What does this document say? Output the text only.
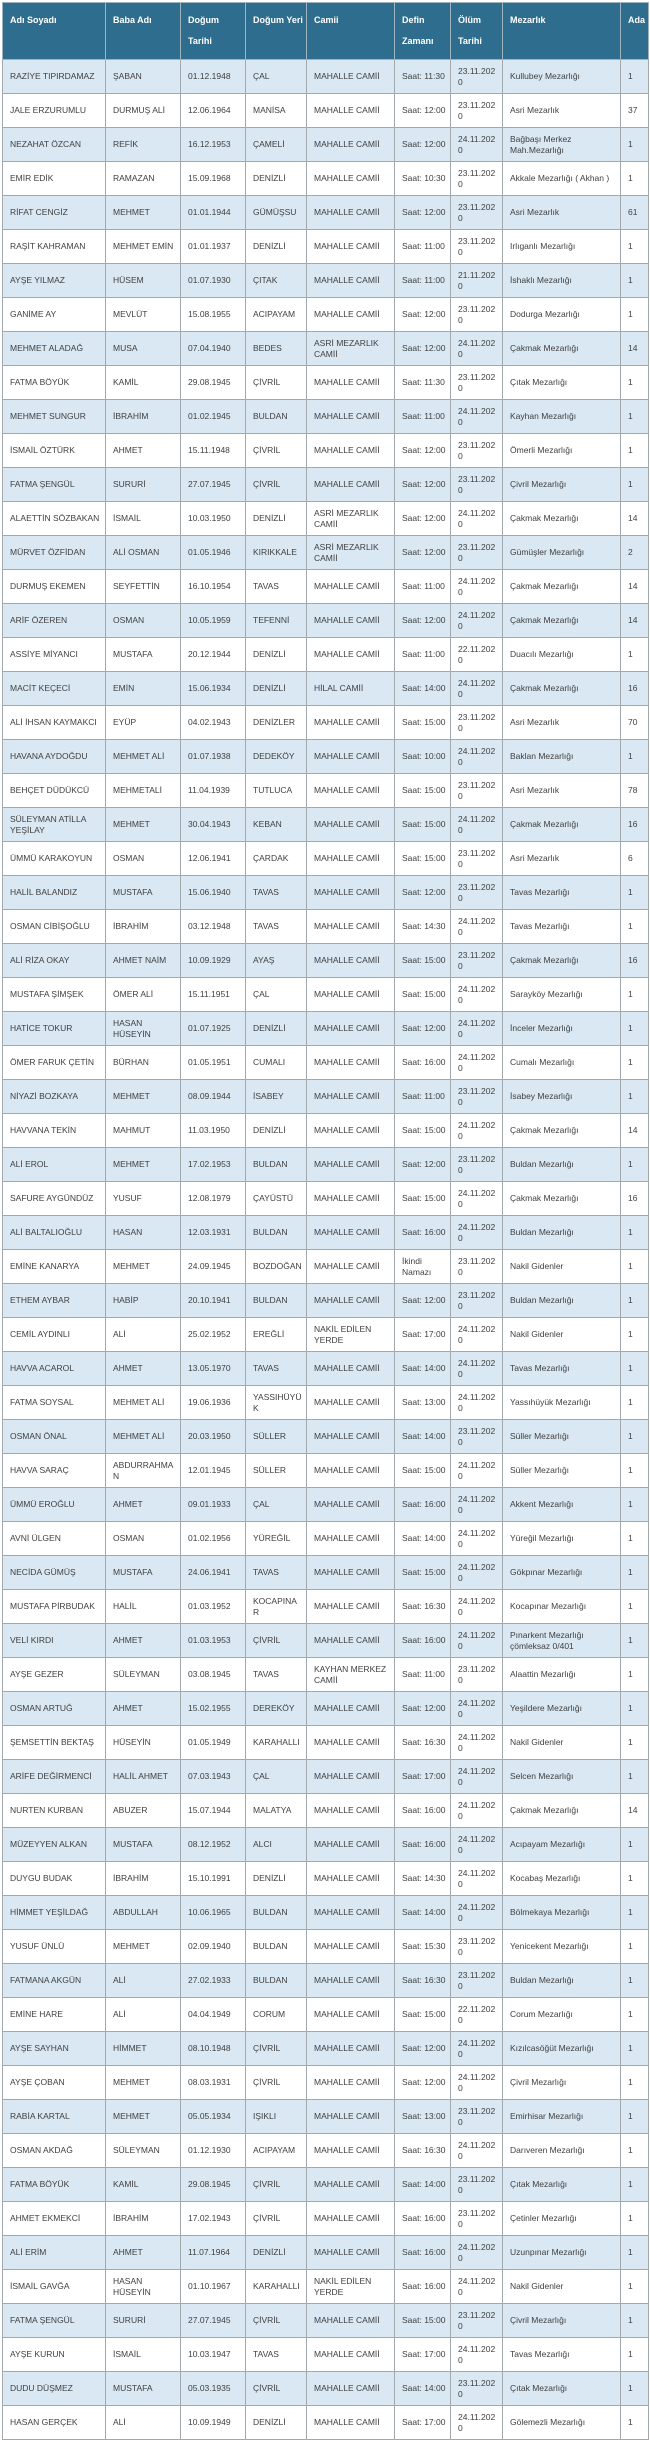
Adı Soyadı	Baba Adı	Doğum Tarihi	Doğum Yeri	Camii	Defin Zamanı	Ölüm Tarihi	Mezarlık	Ada
RAZİYE TIPIRDAMAZ	ŞABAN	01.12.1948	ÇAL	MAHALLE CAMİİ	Saat: 11:30	23.11.2020	Kullubey Mezarlığı	1
JALE ERZURUMLU	DURMUŞ ALİ	12.06.1964	MANİSA	MAHALLE CAMİİ	Saat: 12:00	23.11.2020	Asri Mezarlık	37
NEZAHAT ÖZCAN	REFİK	16.12.1953	ÇAMELİ	MAHALLE CAMİİ	Saat: 12:00	24.11.2020	Bağbaşı Merkez Mah.Mezarlığı	1
EMİR EDİK	RAMAZAN	15.09.1968	DENİZLİ	MAHALLE CAMİİ	Saat: 10:30	23.11.2020	Akkale Mezarlığı ( Akhan )	1
RİFAT CENGİZ	MEHMET	01.01.1944	GÜMÜŞSU	MAHALLE CAMİİ	Saat: 12:00	23.11.2020	Asri Mezarlık	61
RAŞİT KAHRAMAN	MEHMET EMİN	01.01.1937	DENİZLİ	MAHALLE CAMİİ	Saat: 11:00	23.11.2020	Irlıganlı Mezarlığı	1
AYŞE YILMAZ	HÜSEM	01.07.1930	ÇITAK	MAHALLE CAMİİ	Saat: 11:00	21.11.2020	İshaklı Mezarlığı	1
GANİME AY	MEVLÜT	15.08.1955	ACIPAYAM	MAHALLE CAMİİ	Saat: 12:00	23.11.2020	Dodurga Mezarlığı	1
MEHMET ALADAĞ	MUSA	07.04.1940	BEDES	ASRİ MEZARLIK CAMİİ	Saat: 12:00	24.11.2020	Çakmak Mezarlığı	14
FATMA BÖYÜK	KAMİL	29.08.1945	ÇİVRİL	MAHALLE CAMİİ	Saat: 11:30	23.11.2020	Çıtak Mezarlığı	1
MEHMET SUNGUR	İBRAHİM	01.02.1945	BULDAN	MAHALLE CAMİİ	Saat: 11:00	24.11.2020	Kayhan Mezarlığı	1
İSMAİL ÖZTÜRK	AHMET	15.11.1948	ÇİVRİL	MAHALLE CAMİİ	Saat: 12:00	23.11.2020	Ömerli Mezarlığı	1
FATMA ŞENGÜL	SURURİ	27.07.1945	ÇİVRİL	MAHALLE CAMİİ	Saat: 12:00	23.11.2020	Çivril Mezarlığı	1
ALAETTİN SÖZBAKAN	İSMAİL	10.03.1950	DENİZLİ	ASRİ MEZARLIK CAMİİ	Saat: 12:00	24.11.2020	Çakmak Mezarlığı	14
MÜRVET ÖZFİDAN	ALİ OSMAN	01.05.1946	KIRIKKALE	ASRİ MEZARLIK CAMİİ	Saat: 12:00	23.11.2020	Gümüşler Mezarlığı	2
DURMUŞ EKEMEN	SEYFETTİN	16.10.1954	TAVAS	MAHALLE CAMİİ	Saat: 11:00	24.11.2020	Çakmak Mezarlığı	14
ARİF ÖZEREN	OSMAN	10.05.1959	TEFENNİ	MAHALLE CAMİİ	Saat: 12:00	24.11.2020	Çakmak Mezarlığı	14
ASSİYE MİYANCI	MUSTAFA	20.12.1944	DENİZLİ	MAHALLE CAMİİ	Saat: 11:00	22.11.2020	Duacılı Mezarlığı	1
MACİT KEÇECİ	EMİN	15.06.1934	DENİZLİ	HİLAL CAMİİ	Saat: 14:00	24.11.2020	Çakmak Mezarlığı	16
ALİ İHSAN KAYMAKCI	EYÜP	04.02.1943	DENİZLER	MAHALLE CAMİİ	Saat: 15:00	23.11.2020	Asri Mezarlık	70
HAVANA AYDOĞDU	MEHMET ALİ	01.07.1938	DEDEKÖY	MAHALLE CAMİİ	Saat: 10:00	24.11.2020	Baklan Mezarlığı	1
BEHÇET DÜDÜKCÜ	MEHMETALİ	11.04.1939	TUTLUCA	MAHALLE CAMİİ	Saat: 15:00	23.11.2020	Asri Mezarlık	78
SÜLEYMAN ATİLLA YEŞİLAY	MEHMET	30.04.1943	KEBAN	MAHALLE CAMİİ	Saat: 15:00	24.11.2020	Çakmak Mezarlığı	16
ÜMMÜ KARAKOYUN	OSMAN	12.06.1941	ÇARDAK	MAHALLE CAMİİ	Saat: 15:00	23.11.2020	Asri Mezarlık	6
HALİL BALANDIZ	MUSTAFA	15.06.1940	TAVAS	MAHALLE CAMİİ	Saat: 12:00	23.11.2020	Tavas Mezarlığı	1
OSMAN CİBİŞOĞLU	İBRAHİM	03.12.1948	TAVAS	MAHALLE CAMİİ	Saat: 14:30	24.11.2020	Tavas Mezarlığı	1
ALİ RİZA OKAY	AHMET NAİM	10.09.1929	AYAŞ	MAHALLE CAMİİ	Saat: 15:00	23.11.2020	Çakmak Mezarlığı	16
MUSTAFA ŞİMŞEK	ÖMER ALİ	15.11.1951	ÇAL	MAHALLE CAMİİ	Saat: 15:00	24.11.2020	Sarayköy Mezarlığı	1
HATİCE TOKUR	HASAN HÜSEYİN	01.07.1925	DENİZLİ	MAHALLE CAMİİ	Saat: 12:00	24.11.2020	İnceler Mezarlığı	1
ÖMER FARUK ÇETİN	BÜRHAN	01.05.1951	CUMALI	MAHALLE CAMİİ	Saat: 16:00	24.11.2020	Cumalı Mezarlığı	1
NİYAZİ BOZKAYA	MEHMET	08.09.1944	İSABEY	MAHALLE CAMİİ	Saat: 11:00	23.11.2020	İsabey Mezarlığı	1
HAVVANA TEKİN	MAHMUT	11.03.1950	DENİZLİ	MAHALLE CAMİİ	Saat: 15:00	24.11.2020	Çakmak Mezarlığı	14
ALİ EROL	MEHMET	17.02.1953	BULDAN	MAHALLE CAMİİ	Saat: 12:00	23.11.2020	Buldan Mezarlığı	1
SAFURE AYGÜNDÜZ	YUSUF	12.08.1979	ÇAYÜSTÜ	MAHALLE CAMİİ	Saat: 15:00	24.11.2020	Çakmak Mezarlığı	16
ALİ BALTALIOĞLU	HASAN	12.03.1931	BULDAN	MAHALLE CAMİİ	Saat: 16:00	24.11.2020	Buldan Mezarlığı	1
EMİNE KANARYA	MEHMET	24.09.1945	BOZDOĞAN	MAHALLE CAMİİ	İkindi Namazı	23.11.2020	Nakil Gidenler	1
ETHEM AYBAR	HABİP	20.10.1941	BULDAN	MAHALLE CAMİİ	Saat: 12:00	23.11.2020	Buldan Mezarlığı	1
CEMİL AYDINLI	ALİ	25.02.1952	EREĞLİ	NAKİL EDİLEN YERDE	Saat: 17:00	24.11.2020	Nakil Gidenler	1
HAVVA ACAROL	AHMET	13.05.1970	TAVAS	MAHALLE CAMİİ	Saat: 14:00	24.11.2020	Tavas Mezarlığı	1
FATMA SOYSAL	MEHMET ALİ	19.06.1936	YASSIHÜYÜK	MAHALLE CAMİİ	Saat: 13:00	24.11.2020	Yassıhüyük Mezarlığı	1
OSMAN ÖNAL	MEHMET ALİ	20.03.1950	SÜLLER	MAHALLE CAMİİ	Saat: 14:00	23.11.2020	Süller Mezarlığı	1
HAVVA SARAÇ	ABDURRAHMAN	12.01.1945	SÜLLER	MAHALLE CAMİİ	Saat: 15:00	24.11.2020	Süller Mezarlığı	1
ÜMMÜ EROĞLU	AHMET	09.01.1933	ÇAL	MAHALLE CAMİİ	Saat: 16:00	24.11.2020	Akkent Mezarlığı	1
AVNİ ÜLGEN	OSMAN	01.02.1956	YÜREĞİL	MAHALLE CAMİİ	Saat: 14:00	24.11.2020	Yüreğil Mezarlığı	1
NECİDA GÜMÜŞ	MUSTAFA	24.06.1941	TAVAS	MAHALLE CAMİİ	Saat: 15:00	24.11.2020	Gökpınar Mezarlığı	1
MUSTAFA PİRBUDAK	HALİL	01.03.1952	KOCAPINAR	MAHALLE CAMİİ	Saat: 16:30	24.11.2020	Kocapınar Mezarlığı	1
VELİ KIRDI	AHMET	01.03.1953	ÇİVRİL	MAHALLE CAMİİ	Saat: 16:00	24.11.2020	Pınarkent Mezarlığı çömleksaz 0/401	1
AYŞE GEZER	SÜLEYMAN	03.08.1945	TAVAS	KAYHAN MERKEZ CAMİİ	Saat: 11:00	23.11.2020	Alaattin Mezarlığı	1
OSMAN ARTUĞ	AHMET	15.02.1955	DEREKÖY	MAHALLE CAMİİ	Saat: 12:00	24.11.2020	Yeşildere Mezarlığı	1
ŞEMSETTİN BEKTAŞ	HÜSEYİN	01.05.1949	KARAHALLI	MAHALLE CAMİİ	Saat: 16:30	24.11.2020	Nakil Gidenler	1
ARİFE DEĞİRMENCİ	HALİL AHMET	07.03.1943	ÇAL	MAHALLE CAMİİ	Saat: 17:00	24.11.2020	Selcen Mezarlığı	1
NURTEN KURBAN	ABUZER	15.07.1944	MALATYA	MAHALLE CAMİİ	Saat: 16:00	24.11.2020	Çakmak Mezarlığı	14
MÜZEYYEN ALKAN	MUSTAFA	08.12.1952	ALCI	MAHALLE CAMİİ	Saat: 16:00	24.11.2020	Acıpayam Mezarlığı	1
DUYGU BUDAK	İBRAHİM	15.10.1991	DENİZLİ	MAHALLE CAMİİ	Saat: 14:30	24.11.2020	Kocabaş Mezarlığı	1
HİMMET YEŞİLDAĞ	ABDULLAH	10.06.1965	BULDAN	MAHALLE CAMİİ	Saat: 14:00	24.11.2020	Bölmekaya Mezarlığı	1
YUSUF ÜNLÜ	MEHMET	02.09.1940	BULDAN	MAHALLE CAMİİ	Saat: 15:30	23.11.2020	Yenicekent Mezarlığı	1
FATMANA AKGÜN	ALİ	27.02.1933	BULDAN	MAHALLE CAMİİ	Saat: 16:30	23.11.2020	Buldan Mezarlığı	1
EMİNE HARE	ALİ	04.04.1949	CORUM	MAHALLE CAMİİ	Saat: 15:00	22.11.2020	Corum Mezarlığı	1
AYŞE SAYHAN	HİMMET	08.10.1948	ÇİVRİL	MAHALLE CAMİİ	Saat: 12:00	24.11.2020	Kızılcasöğüt Mezarlığı	1
AYŞE ÇOBAN	MEHMET	08.03.1931	ÇİVRİL	MAHALLE CAMİİ	Saat: 12:00	24.11.2020	Çivril Mezarlığı	1
RABİA KARTAL	MEHMET	05.05.1934	IŞIKLI	MAHALLE CAMİİ	Saat: 13:00	23.11.2020	Emirhisar Mezarlığı	1
OSMAN AKDAĞ	SÜLEYMAN	01.12.1930	ACIPAYAM	MAHALLE CAMİİ	Saat: 16:30	24.11.2020	Darıveren Mezarlığı	1
FATMA BÖYÜK	KAMİL	29.08.1945	ÇİVRİL	MAHALLE CAMİİ	Saat: 14:00	23.11.2020	Çıtak Mezarlığı	1
AHMET EKMEKCİ	İBRAHİM	17.02.1943	ÇİVRİL	MAHALLE CAMİİ	Saat: 16:00	23.11.2020	Çetinler Mezarlığı	1
ALİ ERİM	AHMET	11.07.1964	DENİZLİ	MAHALLE CAMİİ	Saat: 16:00	24.11.2020	Uzunpınar Mezarlığı	1
İSMAİL GAVĞA	HASAN HÜSEYİN	01.10.1967	KARAHALLI	NAKİL EDİLEN YERDE	Saat: 16:00	24.11.2020	Nakil Gidenler	1
FATMA ŞENGÜL	SURURİ	27.07.1945	ÇİVRİL	MAHALLE CAMİİ	Saat: 15:00	23.11.2020	Çivril Mezarlığı	1
AYŞE KURUN	İSMAİL	10.03.1947	TAVAS	MAHALLE CAMİİ	Saat: 17:00	24.11.2020	Tavas Mezarlığı	1
DUDU DÜŞMEZ	MUSTAFA	05.03.1935	ÇİVRİL	MAHALLE CAMİİ	Saat: 14:00	23.11.2020	Çıtak Mezarlığı	1
HASAN GERÇEK	ALİ	10.09.1949	DENİZLİ	MAHALLE CAMİİ	Saat: 17:00	24.11.2020	Gölemezli Mezarlığı	1
